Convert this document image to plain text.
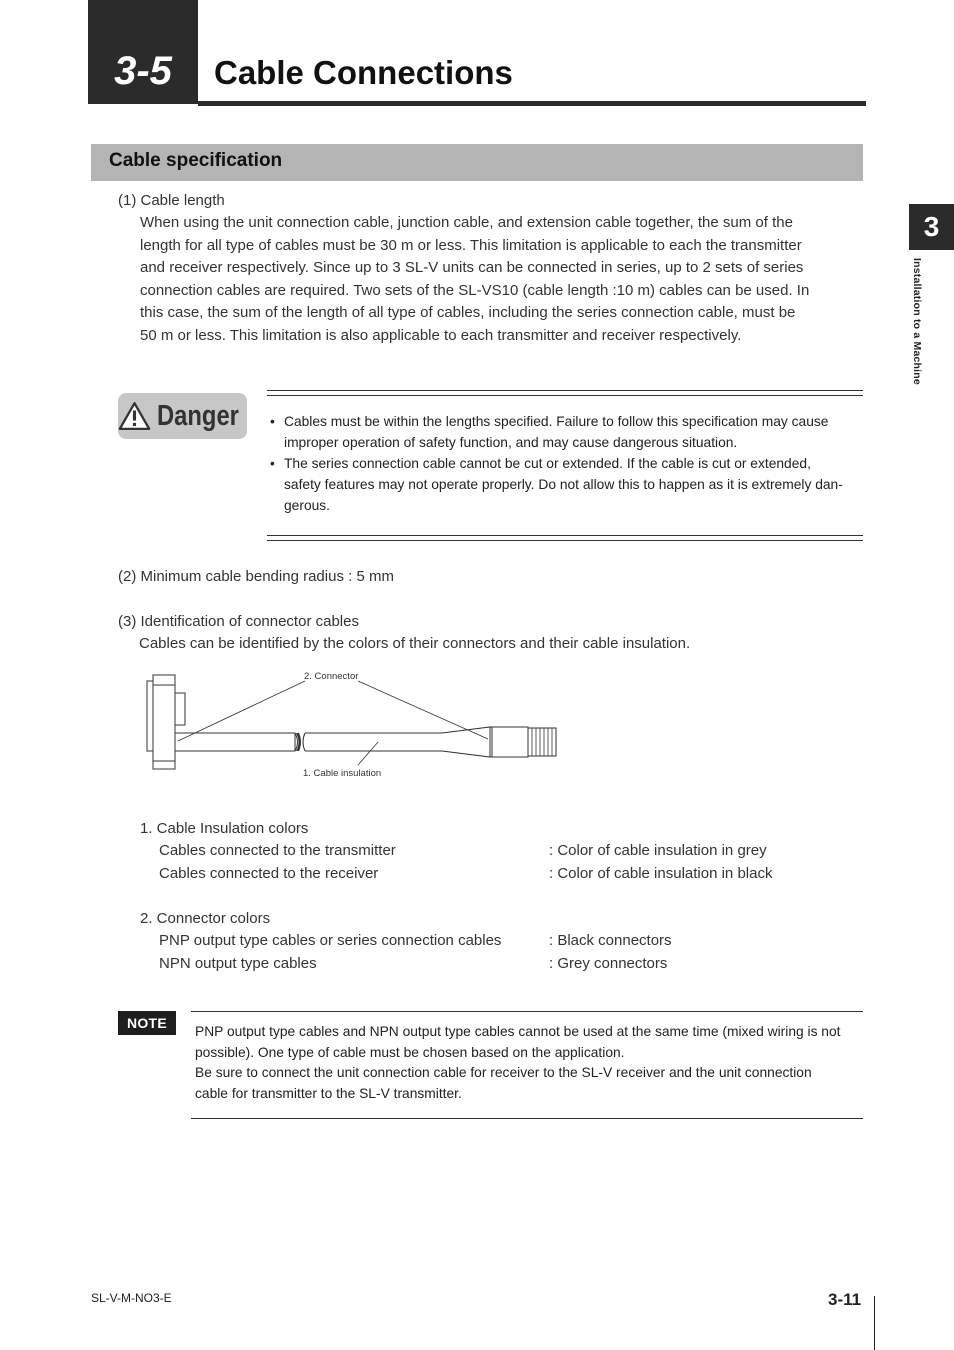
3-5 Cable Connections
3
Installation to a Machine
Cable specification
(1) Cable length
When using the unit connection cable, junction cable, and extension cable together, the sum of the
length for all type of cables must be 30 m or less. This limitation is applicable to each the transmitter
and receiver respectively. Since up to 3 SL-V units can be connected in series, up to 2 sets of series
connection cables are required. Two sets of the SL-VS10 (cable length :10 m) cables can be used. In
this case, the sum of the length of all type of cables, including the series connection cable, must be
50 m or less. This limitation is also applicable to each transmitter and receiver respectively.
Danger
•	Cables must be within the lengths specified. Failure to follow this specification may cause
improper operation of safety function, and may cause dangerous situation.
• The series connection cable cannot be cut or extended. If the cable is cut or extended,
safety features may not operate properly. Do not allow this to happen as it is extremely dan-
gerous.
(2) Minimum cable bending radius : 5 mm
(3) Identification of connector cables
Cables can be identified by the colors of their connectors and their cable insulation.
2. Connector
1. Cable insulation
1. Cable Insulation colors
Cables connected to the transmitter	: Color of cable insulation in grey
Cables connected to the receiver	: Color of cable insulation in black
2. Connector colors
PNP output type cables or series connection cables	: Black connectors
NPN output type cables	: Grey connectors
NOTE
PNP output type cables and NPN output type cables cannot be used at the same time (mixed wiring is not
possible). One type of cable must be chosen based on the application.
Be sure to connect the unit connection cable for receiver to the SL-V receiver and the unit connection
cable for transmitter to the SL-V transmitter.
SL-V-M-NO3-E	3-11
